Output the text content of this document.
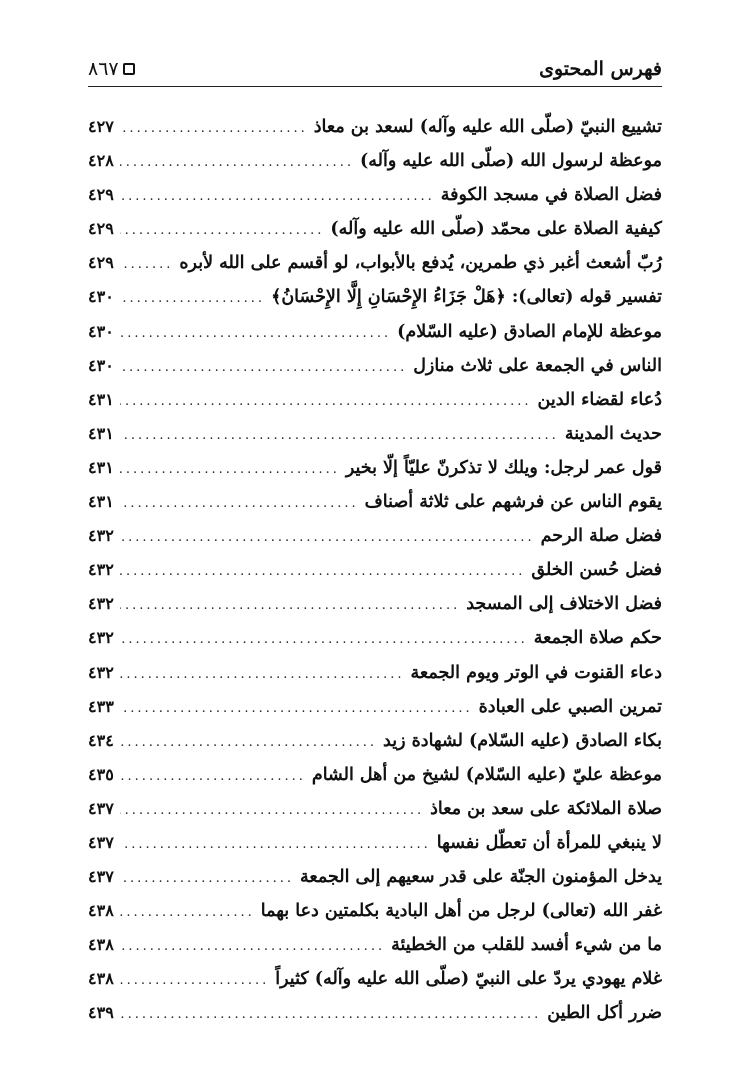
فهرس المحتوى
٨٦٧
تشييع النبيّ (صلّى الله عليه وآله) لسعد بن معاذ
.....
٤٢٧
موعظة لرسول الله (صلّى الله عليه وآله)
.....
٤٢٨
فضل الصلاة في مسجد الكوفة
.....
٤٢٩
كيفية الصلاة على محمّد (صلّى الله عليه وآله)
.....
٤٢٩
رُبّ أشعث أغبر ذي طمرين، يُدفع بالأبواب، لو أقسم على الله لأبره
.....
٤٢٩
تفسير قوله (تعالى): ﴿هَلْ جَزَاءُ الإِحْسَانِ إِلَّا الإِحْسَانُ﴾
.....
٤٣٠
موعظة للإمام الصادق (عليه السّلام)
.....
٤٣٠
الناس في الجمعة على ثلاث منازل
.....
٤٣٠
دُعاء لقضاء الدين
.....
٤٣١
حديث المدينة
.....
٤٣١
قول عمر لرجل: ويلك لا تذكرنّ عليّاً إلّا بخير
.....
٤٣١
يقوم الناس عن فرشهم على ثلاثة أصناف
.....
٤٣١
فضل صلة الرحم
.....
٤٣٢
فضل حُسن الخلق
.....
٤٣٢
فضل الاختلاف إلى المسجد
.....
٤٣٢
حكم صلاة الجمعة
.....
٤٣٢
دعاء القنوت في الوتر ويوم الجمعة
.....
٤٣٢
تمرين الصبي على العبادة
.....
٤٣٣
بكاء الصادق (عليه السّلام) لشهادة زيد
.....
٤٣٤
موعظة عليّ (عليه السّلام) لشيخ من أهل الشام
.....
٤٣٥
صلاة الملائكة على سعد بن معاذ
.....
٤٣٧
لا ينبغي للمرأة أن تعطّل نفسها
.....
٤٣٧
يدخل المؤمنون الجنّة على قدر سعيهم إلى الجمعة
.....
٤٣٧
غفر الله (تعالى) لرجل من أهل البادية بكلمتين دعا بهما
.....
٤٣٨
ما من شيء أفسد للقلب من الخطيئة
.....
٤٣٨
غلام يهودي يردّ على النبيّ (صلّى الله عليه وآله) كثيراً
.....
٤٣٨
ضرر أكل الطين
.....
٤٣٩
